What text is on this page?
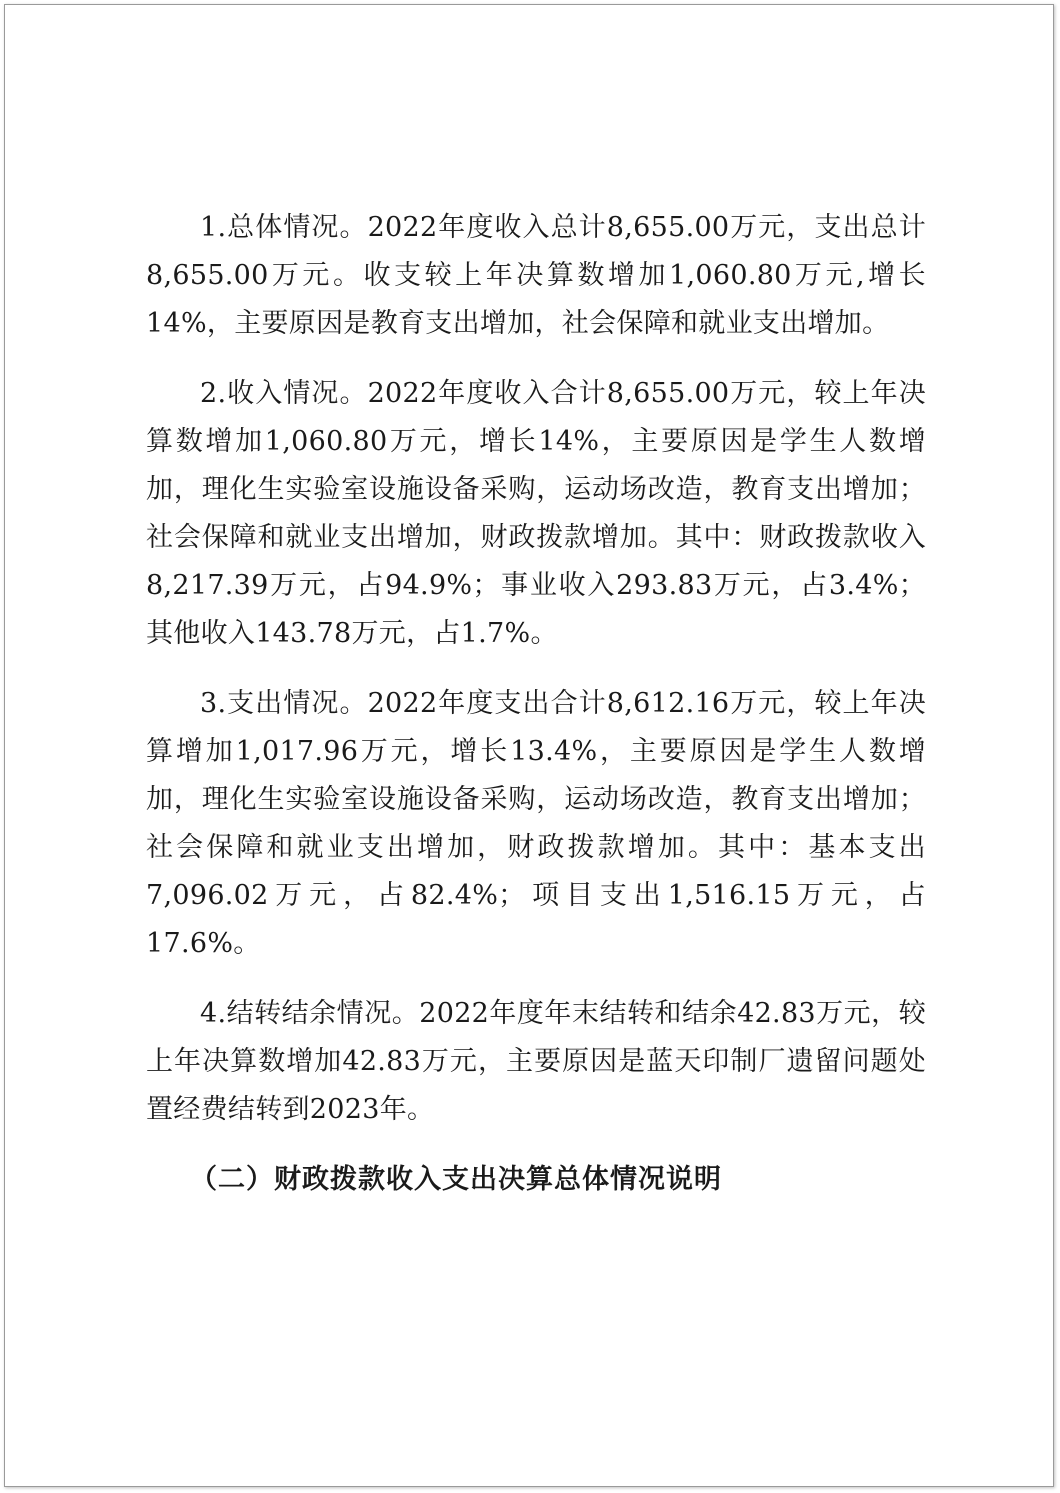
1.总体情况。2022年度收入总计8,655.00万元，支出总计8,655.00万元。收支较上年决算数增加1,060.80万元,增长14%，主要原因是教育支出增加，社会保障和就业支出增加。

2.收入情况。2022年度收入合计8,655.00万元，较上年决算数增加1,060.80万元，增长14%，主要原因是学生人数增加，理化生实验室设施设备采购，运动场改造，教育支出增加；社会保障和就业支出增加，财政拨款增加。其中：财政拨款收入8,217.39万元，占94.9%；事业收入293.83万元，占3.4%；其他收入143.78万元，占1.7%。

3.支出情况。2022年度支出合计8,612.16万元，较上年决算增加1,017.96万元，增长13.4%，主要原因是学生人数增加，理化生实验室设施设备采购，运动场改造，教育支出增加；社会保障和就业支出增加，财政拨款增加。其中：基本支出7,096.02万元，占82.4%；项目支出1,516.15万元，占17.6%。

4.结转结余情况。2022年度年末结转和结余42.83万元，较上年决算数增加42.83万元，主要原因是蓝天印制厂遗留问题处置经费结转到2023年。

（二）财政拨款收入支出决算总体情况说明
